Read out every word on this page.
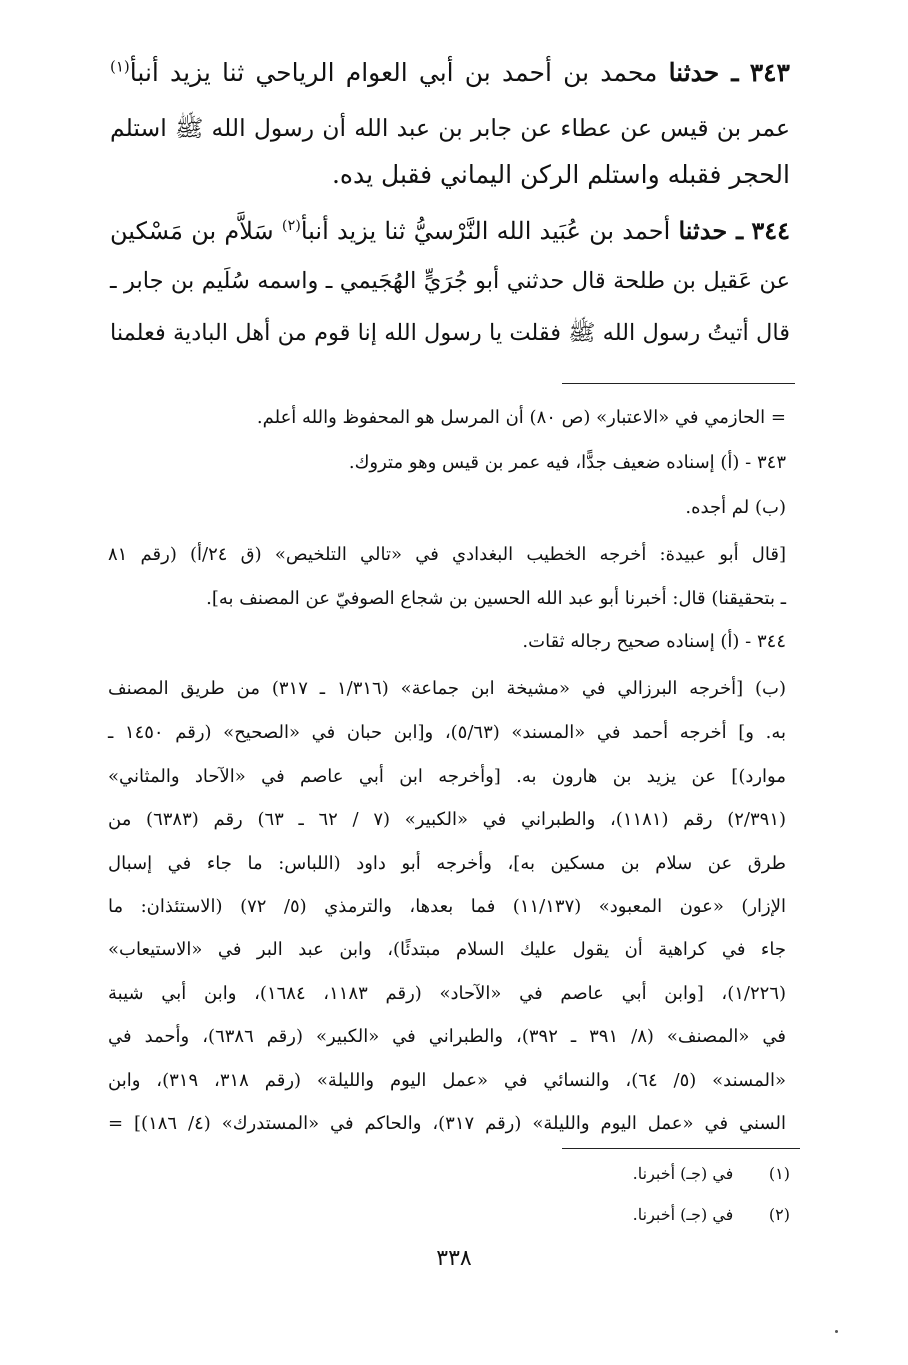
٣٤٣ ـ حدثنا محمد بن أحمد بن أبي العوام الرياحي ثنا يزيد أنبأ$^{(١)}$
عمر بن قيس عن عطاء عن جابر بن عبد الله أن رسول الله ﷺ استلم
الحجر فقبله واستلم الركن اليماني فقبل يده.
٣٤٤ ـ حدثنا أحمد بن عُبَيد الله النَّرْسيُّ ثنا يزيد أنبأ$^{(٢)}$ سَلاَّم بن مَسْكين
عن عَقيل بن طلحة قال حدثني أبو جُرَيٍّ الهُجَيمي ـ واسمه سُلَيم بن جابر ـ
قال أتيتُ رسول الله ﷺ فقلت يا رسول الله إنا قوم من أهل البادية فعلمنا
= الحازمي في «الاعتبار» (ص ٨٠) أن المرسل هو المحفوظ والله أعلم.
٣٤٣ - (أ) إسناده ضعيف جدًّا، فيه عمر بن قيس وهو متروك.
(ب) لم أجده.
[قال أبو عبيدة: أخرجه الخطيب البغدادي في «تالي التلخيص» (ق ٢٤/أ) (رقم ٨١
ـ بتحقيقنا) قال: أخبرنا أبو عبد الله الحسين بن شجاع الصوفيّ عن المصنف به].
٣٤٤ - (أ) إسناده صحيح رجاله ثقات.
(ب) [أخرجه البرزالي في «مشيخة ابن جماعة» (١/٣١٦ ـ ٣١٧) من طريق المصنف
به. و] أخرجه أحمد في «المسند» (٥/٦٣)، و[ابن حبان في «الصحيح» (رقم ١٤٥٠ ـ
موارد)] عن يزيد بن هارون به. [وأخرجه ابن أبي عاصم في «الآحاد والمثاني»
(٢/٣٩١) رقم (١١٨١)، والطبراني في «الكبير» (٧ / ٦٢ ـ ٦٣) رقم (٦٣٨٣) من
طرق عن سلام بن مسكين به]، وأخرجه أبو داود (اللباس: ما جاء في إسبال
الإزار) «عون المعبود» (١١/١٣٧) فما بعدها، والترمذي (٥/ ٧٢) (الاستئذان: ما
جاء في كراهية أن يقول عليك السلام مبتدئًا)، وابن عبد البر في «الاستيعاب»
(١/٢٢٦)، [وابن أبي عاصم في «الآحاد» (رقم ١١٨٣، ١٦٨٤)، وابن أبي شيبة
في «المصنف» (٨/ ٣٩١ ـ ٣٩٢)، والطبراني في «الكبير» (رقم ٦٣٨٦)، وأحمد في
«المسند» (٥/ ٦٤)، والنسائي في «عمل اليوم والليلة» (رقم ٣١٨، ٣١٩)، وابن
السني في «عمل اليوم والليلة» (رقم ٣١٧)، والحاكم في «المستدرك» (٤/ ١٨٦)] =
(١)       في (جـ) أخبرنا.
(٢)       في (جـ) أخبرنا.
٣٣٨
